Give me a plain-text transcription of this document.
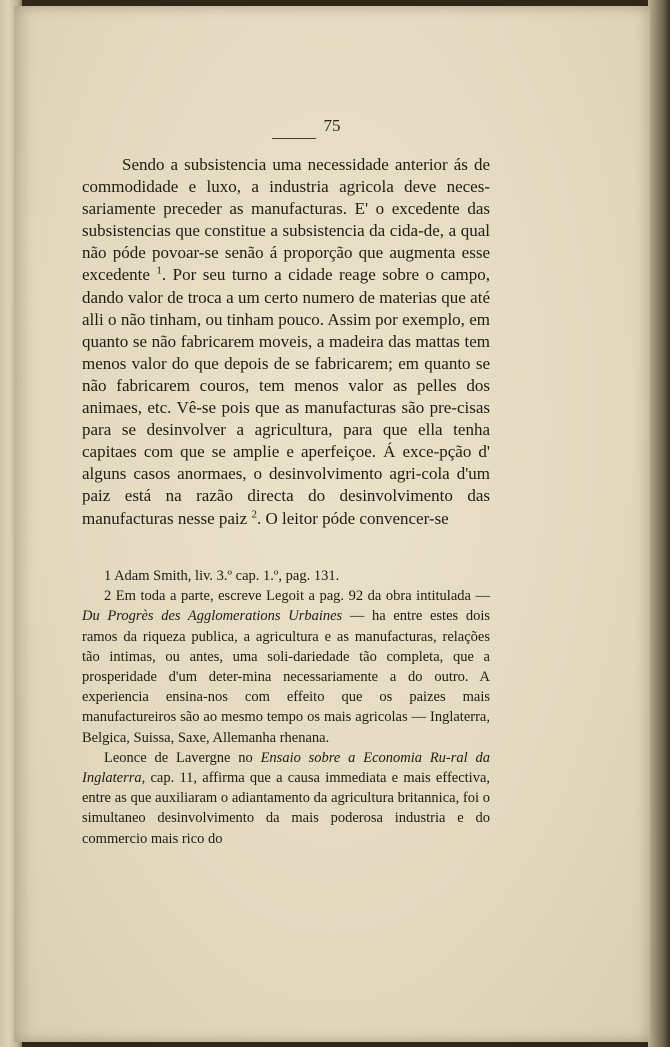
75

Sendo a subsistencia uma necessidade anterior ás de commodidade e luxo, a industria agricola deve neces-sariamente preceder as manufacturas. E' o excedente das subsistencias que constitue a subsistencia da cida-de, a qual não póde povoar-se senão á proporção que augmenta esse excedente $^1$. Por seu turno a cidade reage sobre o campo, dando valor de troca a um certo numero de materias que até alli o não tinham, ou tinham pouco. Assim por exemplo, em quanto se não fabricarem moveis, a madeira das mattas tem menos valor do que depois de se fabricarem; em quanto se não fabricarem couros, tem menos valor as pelles dos animaes, etc. Vê-se pois que as manufacturas são pre-cisas para se desinvolver a agricultura, para que ella tenha capitaes com que se amplie e aperfeiçoe. Á exce-pção d' alguns casos anormaes, o desinvolvimento agri-cola d'um paiz está na razão directa do desinvolvimento das manufacturas nesse paiz $^2$. O leitor póde convencer-se

1 Adam Smith, liv. 3.º cap. 1.º, pag. 131.

2 Em toda a parte, escreve Legoit a pag. 92 da obra intitulada — Du Progrès des Agglomerations Urbaines — ha entre estes dois ramos da riqueza publica, a agricultura e as manufacturas, relações tão intimas, ou antes, uma soli-dariedade tão completa, que a prosperidade d'um deter-mina necessariamente a do outro. A experiencia ensina-nos com effeito que os paizes mais manufactureiros são ao mesmo tempo os mais agricolas — Inglaterra, Belgica, Suissa, Saxe, Allemanha rhenana.

Leonce de Lavergne no Ensaio sobre a Economia Ru-ral da Inglaterra, cap. 11, affirma que a causa immediata e mais effectiva, entre as que auxiliaram o adiantamento da agricultura britannica, foi o simultaneo desinvolvimento da mais poderosa industria e do commercio mais rico do
